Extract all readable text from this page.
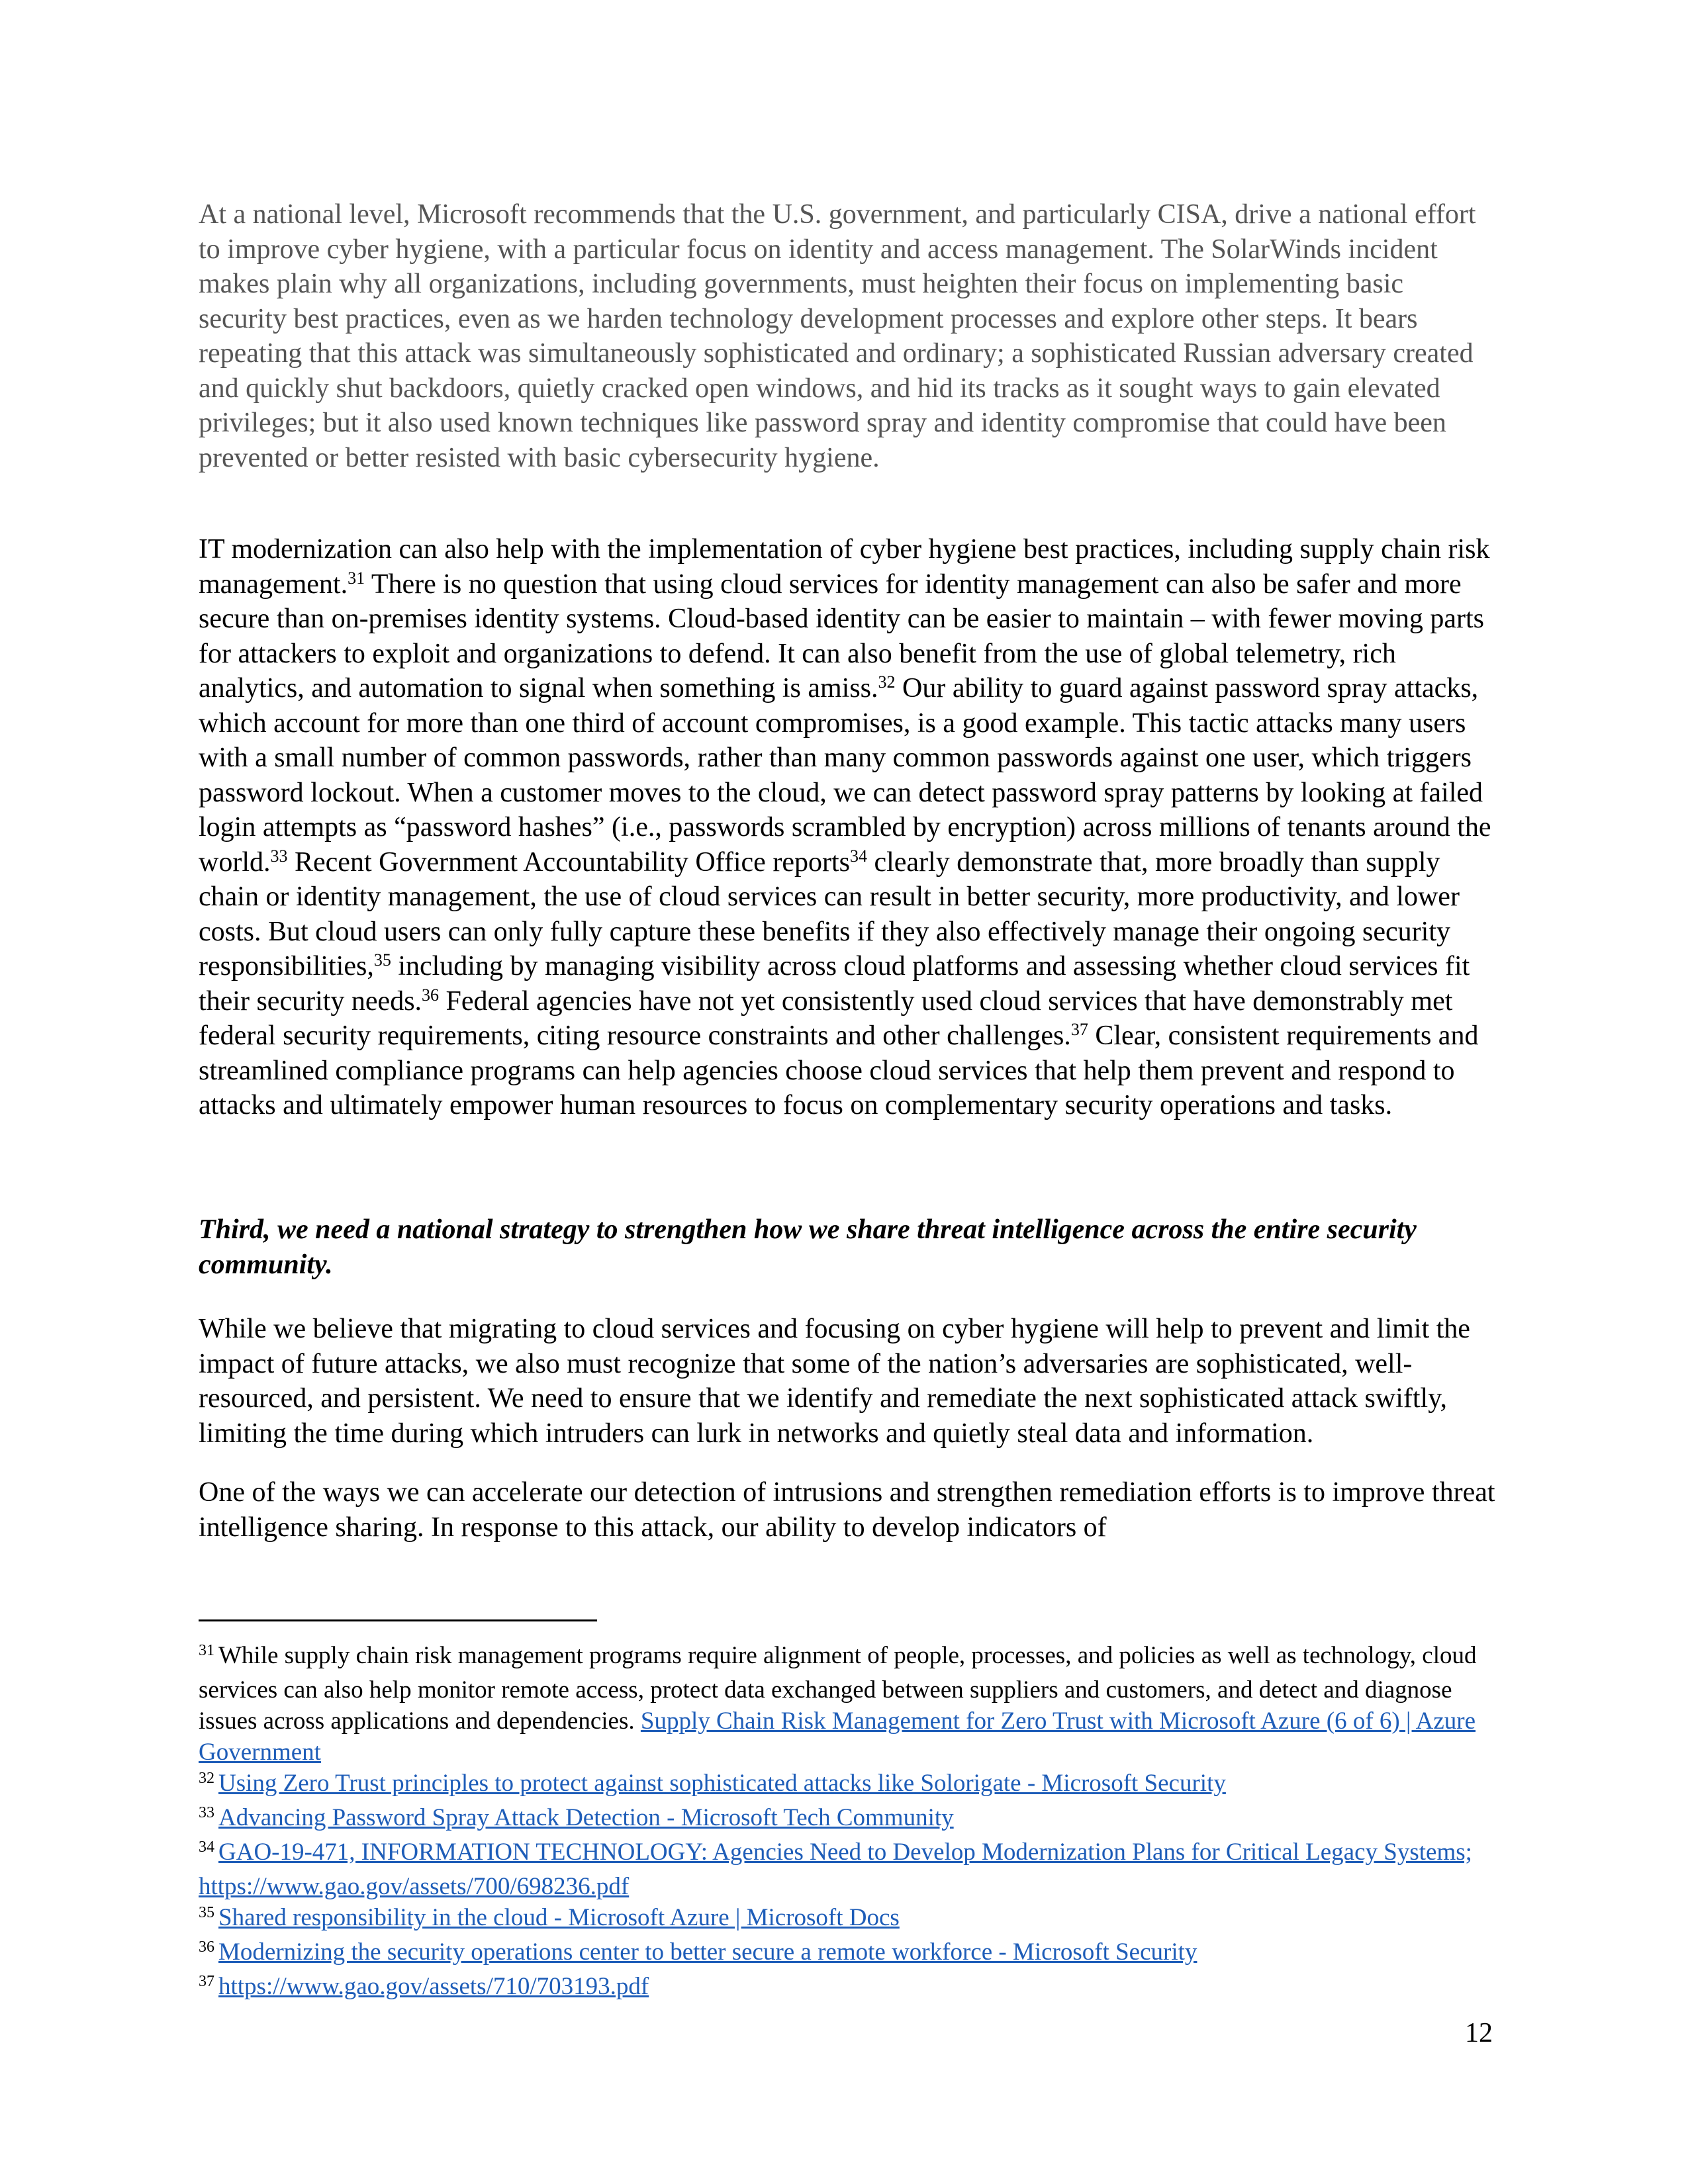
At a national level, Microsoft recommends that the U.S. government, and particularly CISA, drive a national effort to improve cyber hygiene, with a particular focus on identity and access management. The SolarWinds incident makes plain why all organizations, including governments, must heighten their focus on implementing basic security best practices, even as we harden technology development processes and explore other steps. It bears repeating that this attack was simultaneously sophisticated and ordinary; a sophisticated Russian adversary created and quickly shut backdoors, quietly cracked open windows, and hid its tracks as it sought ways to gain elevated privileges; but it also used known techniques like password spray and identity compromise that could have been prevented or better resisted with basic cybersecurity hygiene.

IT modernization can also help with the implementation of cyber hygiene best practices, including supply chain risk management.$^{31}$ There is no question that using cloud services for identity management can also be safer and more secure than on-premises identity systems. Cloud-based identity can be easier to maintain – with fewer moving parts for attackers to exploit and organizations to defend. It can also benefit from the use of global telemetry, rich analytics, and automation to signal when something is amiss.$^{32}$ Our ability to guard against password spray attacks, which account for more than one third of account compromises, is a good example. This tactic attacks many users with a small number of common passwords, rather than many common passwords against one user, which triggers password lockout. When a customer moves to the cloud, we can detect password spray patterns by looking at failed login attempts as “password hashes” (i.e., passwords scrambled by encryption) across millions of tenants around the world.$^{33}$ Recent Government Accountability Office reports$^{34}$ clearly demonstrate that, more broadly than supply chain or identity management, the use of cloud services can result in better security, more productivity, and lower costs. But cloud users can only fully capture these benefits if they also effectively manage their ongoing security responsibilities,$^{35}$ including by managing visibility across cloud platforms and assessing whether cloud services fit their security needs.$^{36}$ Federal agencies have not yet consistently used cloud services that have demonstrably met federal security requirements, citing resource constraints and other challenges.$^{37}$ Clear, consistent requirements and streamlined compliance programs can help agencies choose cloud services that help them prevent and respond to attacks and ultimately empower human resources to focus on complementary security operations and tasks.

Third, we need a national strategy to strengthen how we share threat intelligence across the entire security community.

While we believe that migrating to cloud services and focusing on cyber hygiene will help to prevent and limit the impact of future attacks, we also must recognize that some of the nation’s adversaries are sophisticated, well-resourced, and persistent. We need to ensure that we identify and remediate the next sophisticated attack swiftly, limiting the time during which intruders can lurk in networks and quietly steal data and information.

One of the ways we can accelerate our detection of intrusions and strengthen remediation efforts is to improve threat intelligence sharing. In response to this attack, our ability to develop indicators of

$^{31}$ While supply chain risk management programs require alignment of people, processes, and policies as well as technology, cloud services can also help monitor remote access, protect data exchanged between suppliers and customers, and detect and diagnose issues across applications and dependencies. Supply Chain Risk Management for Zero Trust with Microsoft Azure (6 of 6) | Azure Government

$^{32}$ Using Zero Trust principles to protect against sophisticated attacks like Solorigate - Microsoft Security

$^{33}$ Advancing Password Spray Attack Detection - Microsoft Tech Community

$^{34}$ GAO-19-471, INFORMATION TECHNOLOGY: Agencies Need to Develop Modernization Plans for Critical Legacy Systems; https://www.gao.gov/assets/700/698236.pdf

$^{35}$ Shared responsibility in the cloud - Microsoft Azure | Microsoft Docs

$^{36}$ Modernizing the security operations center to better secure a remote workforce - Microsoft Security

$^{37}$ https://www.gao.gov/assets/710/703193.pdf

12
